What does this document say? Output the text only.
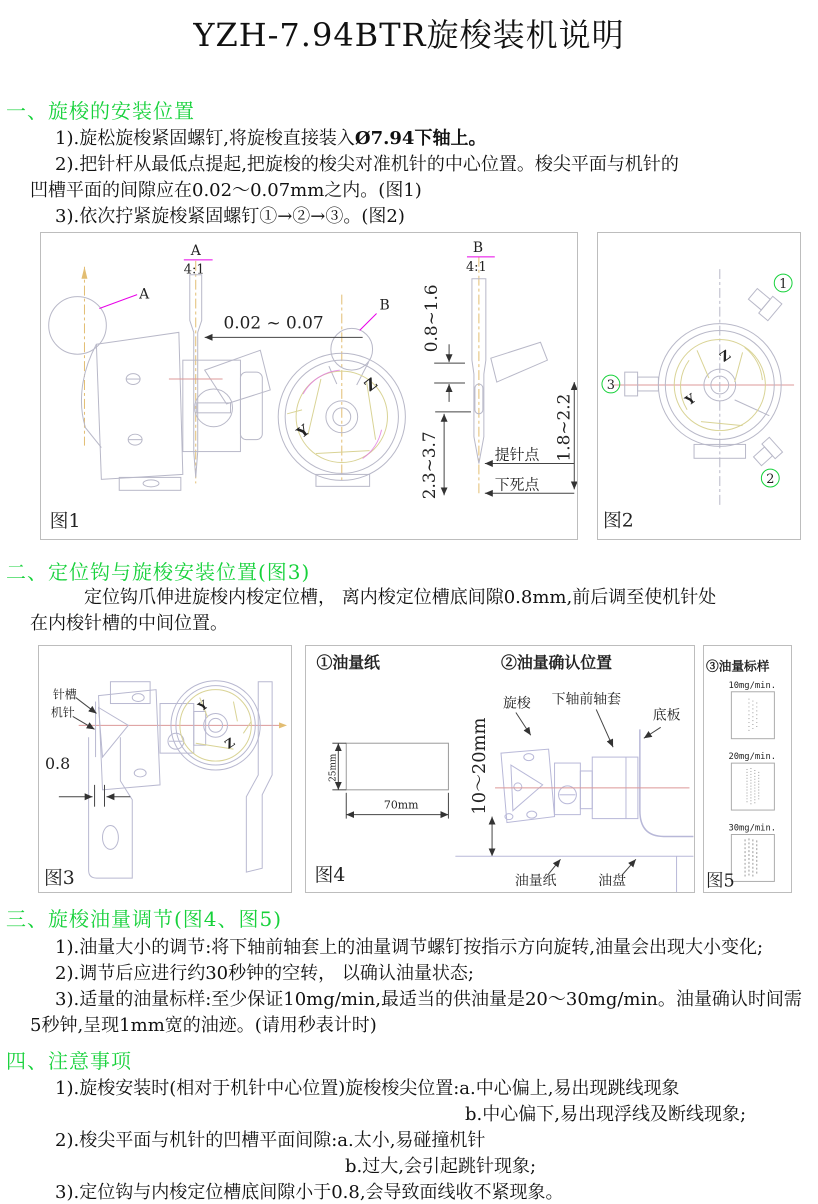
YZH-7.94BTR旋梭装机说明
一、旋梭的安装位置
1).旋松旋梭紧固螺钉,将旋梭直接装入Ø7.94下轴上。
2).把针杆从最低点提起,把旋梭的梭尖对准机针的中心位置。梭尖平面与机针的
凹槽平面的间隙应在0.02～0.07mm之内。(图1)
3).依次拧紧旋梭紧固螺钉①→②→③。(图2)
二、定位钩与旋梭安装位置(图3)
定位钩爪伸进旋梭内梭定位槽， 离内梭定位槽底间隙0.8mm,前后调至使机针处
在内梭针槽的中间位置。
三、旋梭油量调节(图4、图5)
1).油量大小的调节:将下轴前轴套上的油量调节螺钉按指示方向旋转,油量会出现大小变化;
2).调节后应进行约30秒钟的空转， 以确认油量状态;
3).适量的油量标样:至少保证10mg/min,最适当的供油量是20～30mg/min。油量确认时间需
5秒钟,呈现1mm宽的油迹。(请用秒表计时)
四、注意事项
1).旋梭安装时(相对于机针中心位置)旋梭梭尖位置:a.中心偏上,易出现跳线现象
b.中心偏下,易出现浮线及断线现象;
2).梭尖平面与机针的凹槽平面间隙:a.太小,易碰撞机针
b.过大,会引起跳针现象;
3).定位钩与内梭定位槽底间隙小于0.8,会导致面线收不紧现象。
A
A
4:1
0.02 ~ 0.07
B
B
4:1
0.8~1.6
2.3~3.7
1.8~2.2
提针点
下死点
Y
Z
图1
1
3
2
Y
Z
图2
针槽
机针
0.8
Y
Z
图3
①油量纸	②油量确认位置
25mm
70mm	10～20mm
旋梭 下轴前轴套
底板
油量纸	油盘
图4
③油量标样
10mg/min.
20mg/min.
30mg/min.
图5
